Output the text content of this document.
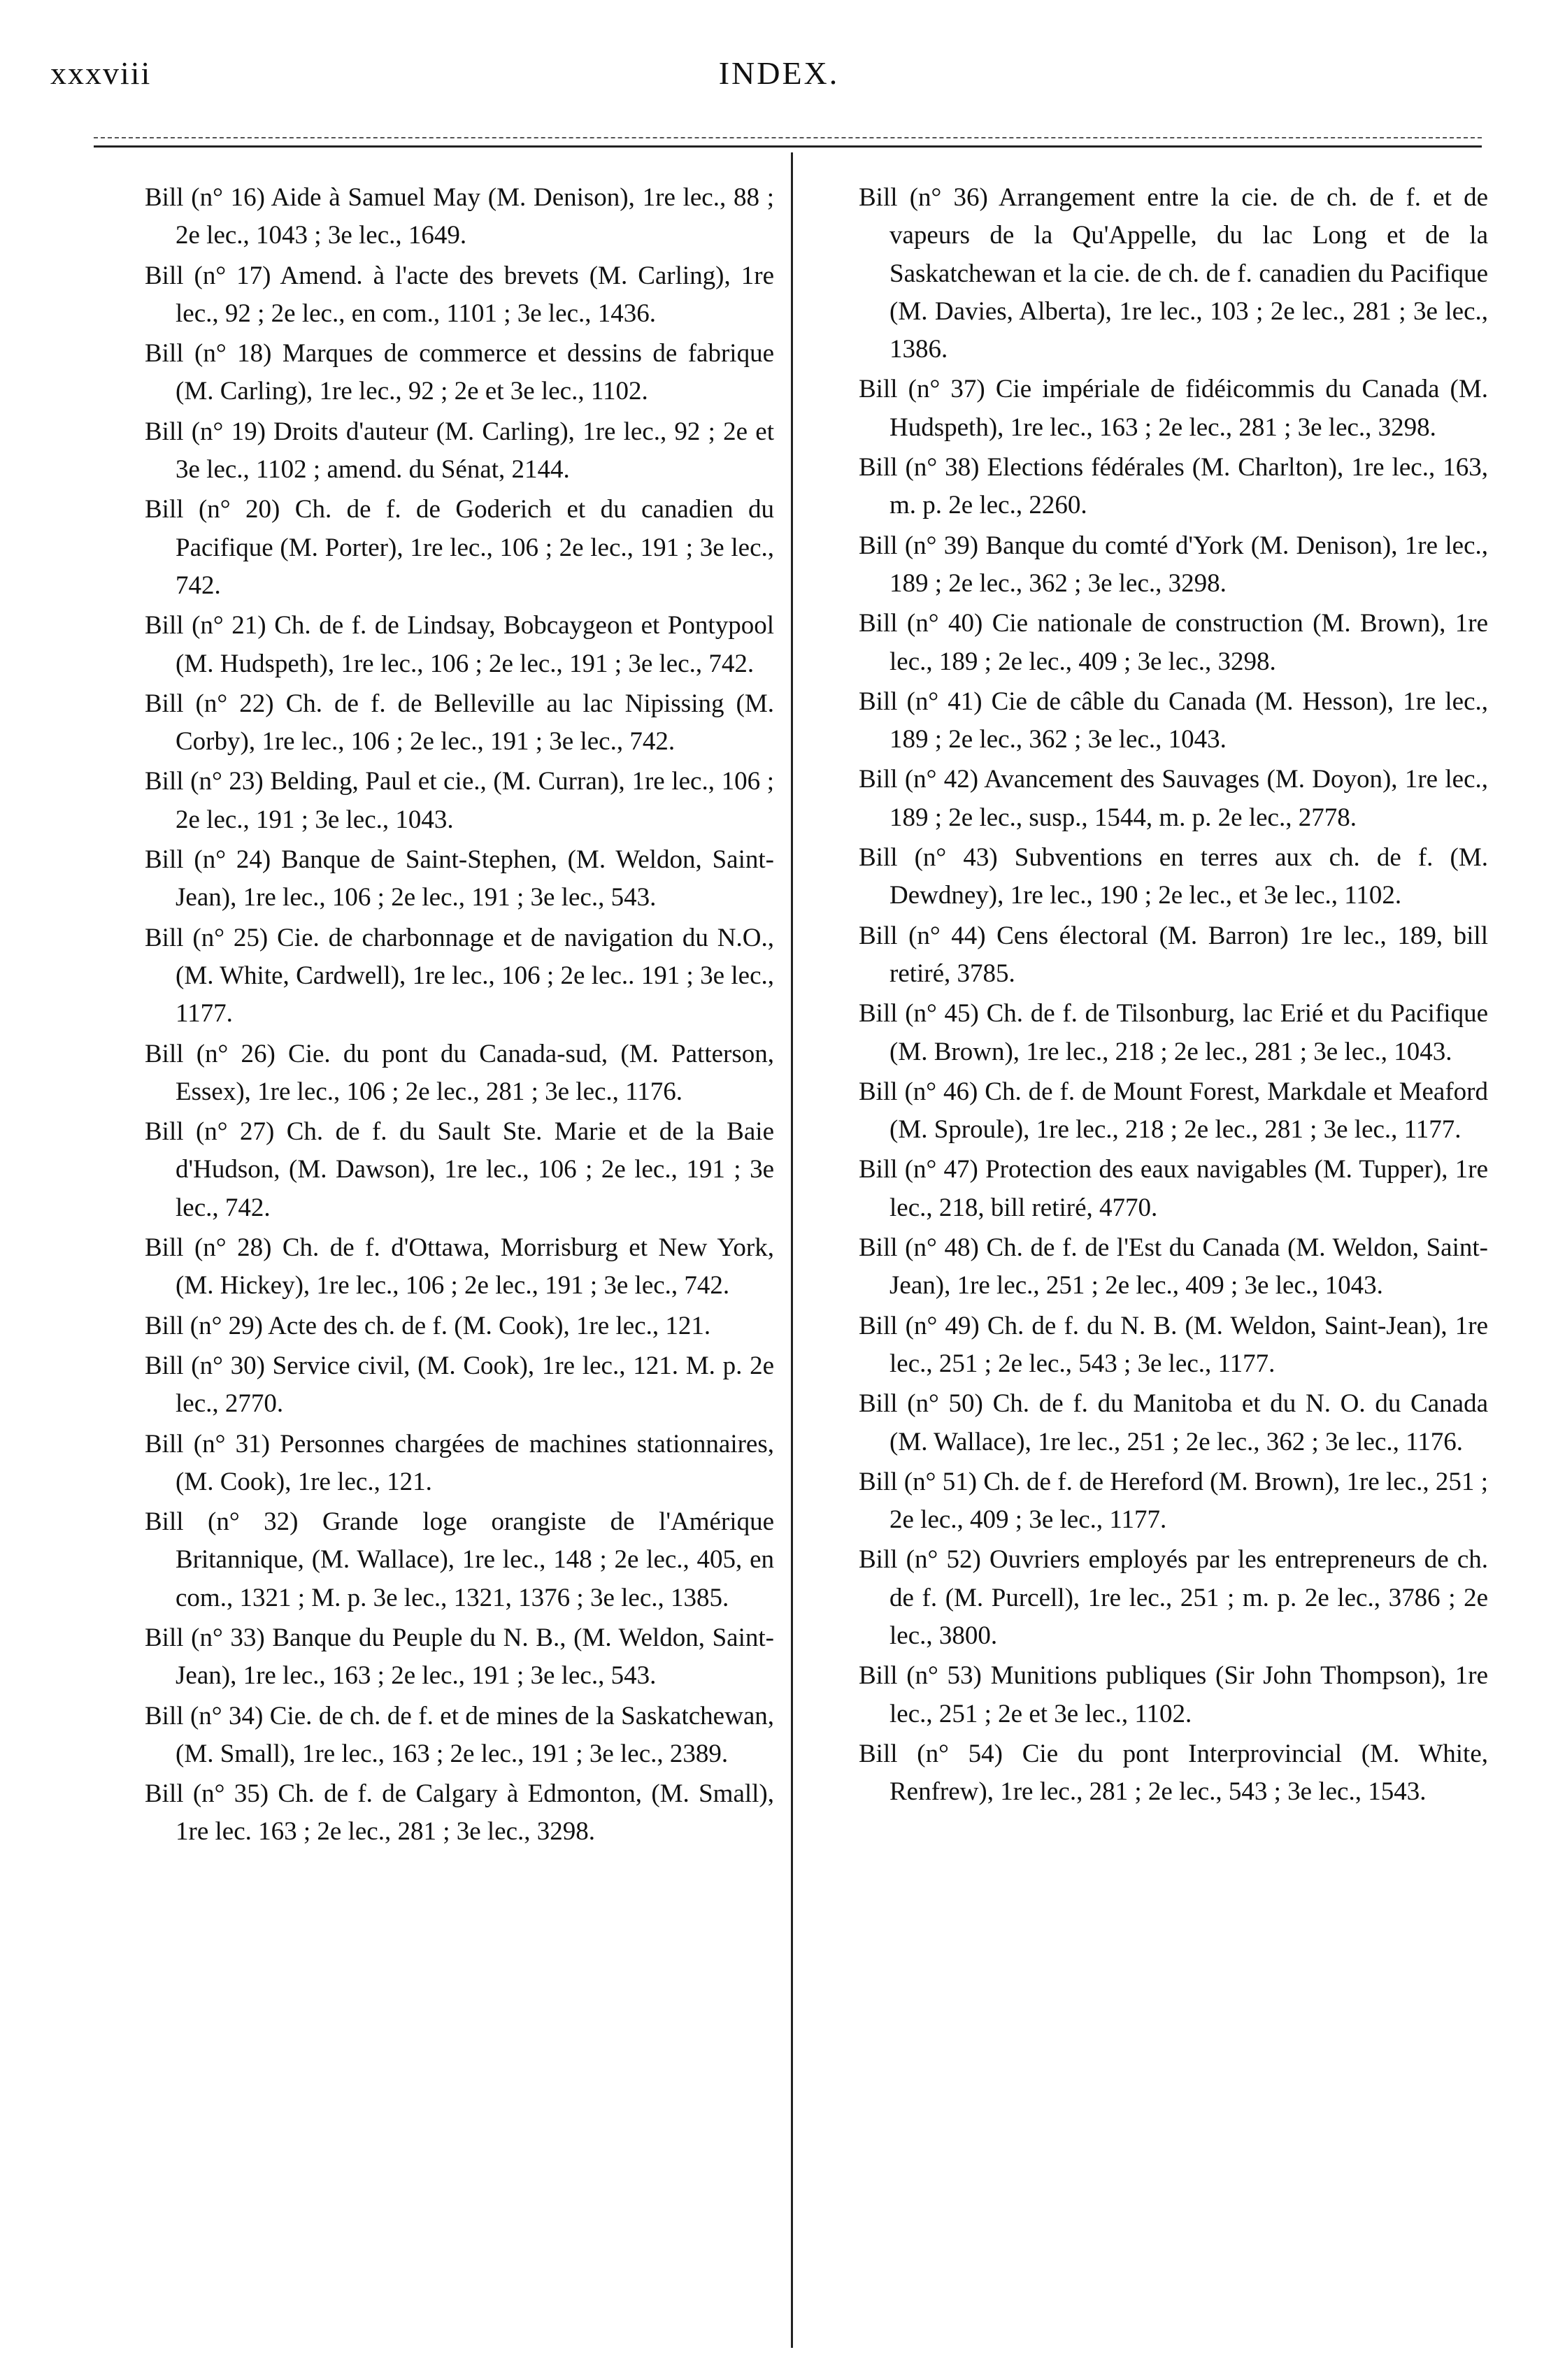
xxxviii	INDEX.

Bill (n° 16) Aide à Samuel May (M. Denison), 1re lec., 88 ; 2e lec., 1043 ; 3e lec., 1649.

Bill (n° 17) Amend. à l'acte des brevets (M. Carling), 1re lec., 92 ; 2e lec., en com., 1101 ; 3e lec., 1436.

Bill (n° 18) Marques de commerce et dessins de fabrique (M. Carling), 1re lec., 92 ; 2e et 3e lec., 1102.

Bill (n° 19) Droits d'auteur (M. Carling), 1re lec., 92 ; 2e et 3e lec., 1102 ; amend. du Sénat, 2144.

Bill (n° 20) Ch. de f. de Goderich et du canadien du Pacifique (M. Porter), 1re lec., 106 ; 2e lec., 191 ; 3e lec., 742.

Bill (n° 21) Ch. de f. de Lindsay, Bobcaygeon et Pontypool (M. Hudspeth), 1re lec., 106 ; 2e lec., 191 ; 3e lec., 742.

Bill (n° 22) Ch. de f. de Belleville au lac Nipissing (M. Corby), 1re lec., 106 ; 2e lec., 191 ; 3e lec., 742.

Bill (n° 23) Belding, Paul et cie., (M. Curran), 1re lec., 106 ; 2e lec., 191 ; 3e lec., 1043.

Bill (n° 24) Banque de Saint-Stephen, (M. Weldon, Saint-Jean), 1re lec., 106 ; 2e lec., 191 ; 3e lec., 543.

Bill (n° 25) Cie. de charbonnage et de navigation du N.O., (M. White, Cardwell), 1re lec., 106 ; 2e lec.. 191 ; 3e lec., 1177.

Bill (n° 26) Cie. du pont du Canada-sud, (M. Patterson, Essex), 1re lec., 106 ; 2e lec., 281 ; 3e lec., 1176.

Bill (n° 27) Ch. de f. du Sault Ste. Marie et de la Baie d'Hudson, (M. Dawson), 1re lec., 106 ; 2e lec., 191 ; 3e lec., 742.

Bill (n° 28) Ch. de f. d'Ottawa, Morrisburg et New York, (M. Hickey), 1re lec., 106 ; 2e lec., 191 ; 3e lec., 742.

Bill (n° 29) Acte des ch. de f. (M. Cook), 1re lec., 121.

Bill (n° 30) Service civil, (M. Cook), 1re lec., 121. M. p. 2e lec., 2770.

Bill (n° 31) Personnes chargées de machines stationnaires, (M. Cook), 1re lec., 121.

Bill (n° 32) Grande loge orangiste de l'Amérique Britannique, (M. Wallace), 1re lec., 148 ; 2e lec., 405, en com., 1321 ; M. p. 3e lec., 1321, 1376 ; 3e lec., 1385.

Bill (n° 33) Banque du Peuple du N. B., (M. Weldon, Saint-Jean), 1re lec., 163 ; 2e lec., 191 ; 3e lec., 543.

Bill (n° 34) Cie. de ch. de f. et de mines de la Saskatchewan, (M. Small), 1re lec., 163 ; 2e lec., 191 ; 3e lec., 2389.

Bill (n° 35) Ch. de f. de Calgary à Edmonton, (M. Small), 1re lec. 163 ; 2e lec., 281 ; 3e lec., 3298.

Bill (n° 36) Arrangement entre la cie. de ch. de f. et de vapeurs de la Qu'Appelle, du lac Long et de la Saskatchewan et la cie. de ch. de f. canadien du Pacifique (M. Davies, Alberta), 1re lec., 103 ; 2e lec., 281 ; 3e lec., 1386.

Bill (n° 37) Cie impériale de fidéicommis du Canada (M. Hudspeth), 1re lec., 163 ; 2e lec., 281 ; 3e lec., 3298.

Bill (n° 38) Elections fédérales (M. Charlton), 1re lec., 163, m. p. 2e lec., 2260.

Bill (n° 39) Banque du comté d'York (M. Denison), 1re lec., 189 ; 2e lec., 362 ; 3e lec., 3298.

Bill (n° 40) Cie nationale de construction (M. Brown), 1re lec., 189 ; 2e lec., 409 ; 3e lec., 3298.

Bill (n° 41) Cie de câble du Canada (M. Hesson), 1re lec., 189 ; 2e lec., 362 ; 3e lec., 1043.

Bill (n° 42) Avancement des Sauvages (M. Doyon), 1re lec., 189 ; 2e lec., susp., 1544, m. p. 2e lec., 2778.

Bill (n° 43) Subventions en terres aux ch. de f. (M. Dewdney), 1re lec., 190 ; 2e lec., et 3e lec., 1102.

Bill (n° 44) Cens électoral (M. Barron) 1re lec., 189, bill retiré, 3785.

Bill (n° 45) Ch. de f. de Tilsonburg, lac Erié et du Pacifique (M. Brown), 1re lec., 218 ; 2e lec., 281 ; 3e lec., 1043.

Bill (n° 46) Ch. de f. de Mount Forest, Markdale et Meaford (M. Sproule), 1re lec., 218 ; 2e lec., 281 ; 3e lec., 1177.

Bill (n° 47) Protection des eaux navigables (M. Tupper), 1re lec., 218, bill retiré, 4770.

Bill (n° 48) Ch. de f. de l'Est du Canada (M. Weldon, Saint-Jean), 1re lec., 251 ; 2e lec., 409 ; 3e lec., 1043.

Bill (n° 49) Ch. de f. du N. B. (M. Weldon, Saint-Jean), 1re lec., 251 ; 2e lec., 543 ; 3e lec., 1177.

Bill (n° 50) Ch. de f. du Manitoba et du N. O. du Canada (M. Wallace), 1re lec., 251 ; 2e lec., 362 ; 3e lec., 1176.

Bill (n° 51) Ch. de f. de Hereford (M. Brown), 1re lec., 251 ; 2e lec., 409 ; 3e lec., 1177.

Bill (n° 52) Ouvriers employés par les entrepreneurs de ch. de f. (M. Purcell), 1re lec., 251 ; m. p. 2e lec., 3786 ; 2e lec., 3800.

Bill (n° 53) Munitions publiques (Sir John Thompson), 1re lec., 251 ; 2e et 3e lec., 1102.

Bill (n° 54) Cie du pont Interprovincial (M. White, Renfrew), 1re lec., 281 ; 2e lec., 543 ; 3e lec., 1543.
